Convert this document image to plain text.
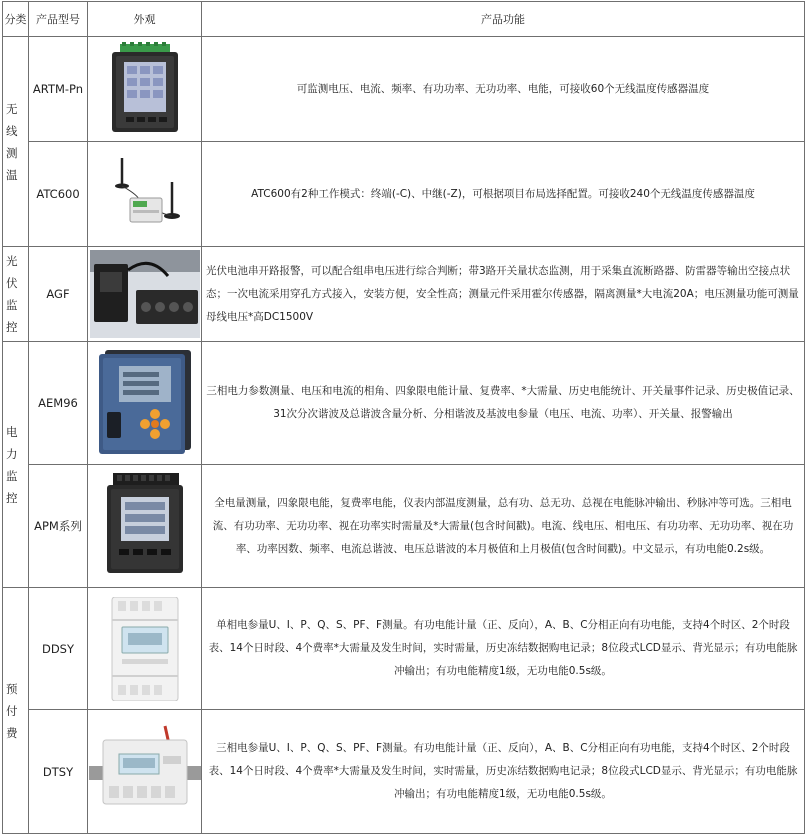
分类	产品型号	外观	产品功能
无线测温	ARTM-Pn		可监测电压、电流、频率、有功功率、无功功率、电能，可接收60个无线温度传感器温度
	ATC600		ATC600有2种工作模式：终端(-C)、中继(-Z)，可根据项目布局选择配置。可接收240个无线温度传感器温度
光伏监控	AGF		光伏电池串开路报警，可以配合组串电压进行综合判断；带3路开关量状态监测，用于采集直流断路器、防雷器等输出空接点状态；一次电流采用穿孔方式接入，安装方便，安全性高；测量元件采用霍尔传感器，隔离测量*大电流20A；电压测量功能可测量母线电压*高DC1500V
电力监控	AEM96		三相电力参数测量、电压和电流的相角、四象限电能计量、复费率、*大需量、历史电能统计、开关量事件记录、历史极值记录、31次分次谐波及总谐波含量分析、分相谐波及基波电参量（电压、电流、功率）、开关量、报警输出
	APM系列		全电量测量，四象限电能，复费率电能，仪表内部温度测量，总有功、总无功、总视在电能脉冲输出、秒脉冲等可选。三相电流、有功功率、无功功率、视在功率实时需量及*大需量(包含时间戳)。电流、线电压、相电压、有功功率、无功功率、视在功率、功率因数、频率、电流总谐波、电压总谐波的本月极值和上月极值(包含时间戳)。中文显示，有功电能0.2s级。
预付费	DDSY		单相电参量U、I、P、Q、S、PF、F测量。有功电能计量（正、反向），A、B、C分相正向有功电能，支持4个时区、2个时段表、14个日时段、4个费率*大需量及发生时间，实时需量，历史冻结数据购电记录；8位段式LCD显示、背光显示；有功电能脉冲输出；有功电能精度1级，无功电能0.5s级。
	DTSY		三相电参量U、I、P、Q、S、PF、F测量。有功电能计量（正、反向），A、B、C分相正向有功电能，支持4个时区、2个时段表、14个日时段、4个费率*大需量及发生时间，实时需量，历史冻结数据购电记录；8位段式LCD显示、背光显示；有功电能脉冲输出；有功电能精度1级，无功电能0.5s级。
